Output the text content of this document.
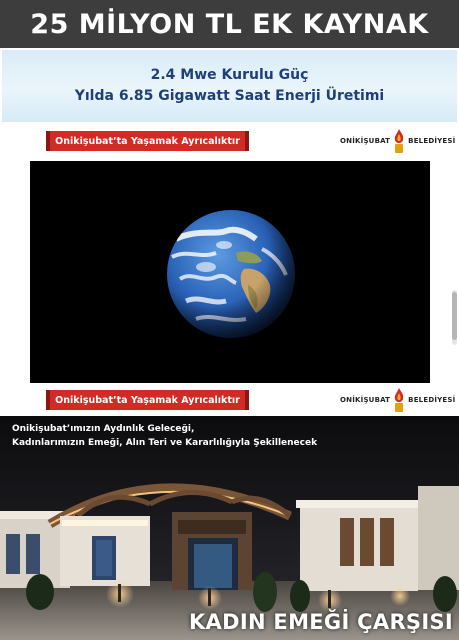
25 MİLYON TL EK KAYNAK
2.4 Mwe Kurulu Güç
Yılda 6.85 Gigawatt Saat Enerji Üretimi
Onikişubat’ta Yaşamak Ayrıcalıktır	ONİKİŞUBAT	BELEDİYESİ
Onikişubat’ta Yaşamak Ayrıcalıktır	ONİKİŞUBAT	BELEDİYESİ
Onikişubat’ımızın Aydınlık Geleceği,
Kadınlarımızın Emeği, Alın Teri ve Kararlılığıyla Şekillenecek
KADIN EMEĞİ ÇARŞISI
